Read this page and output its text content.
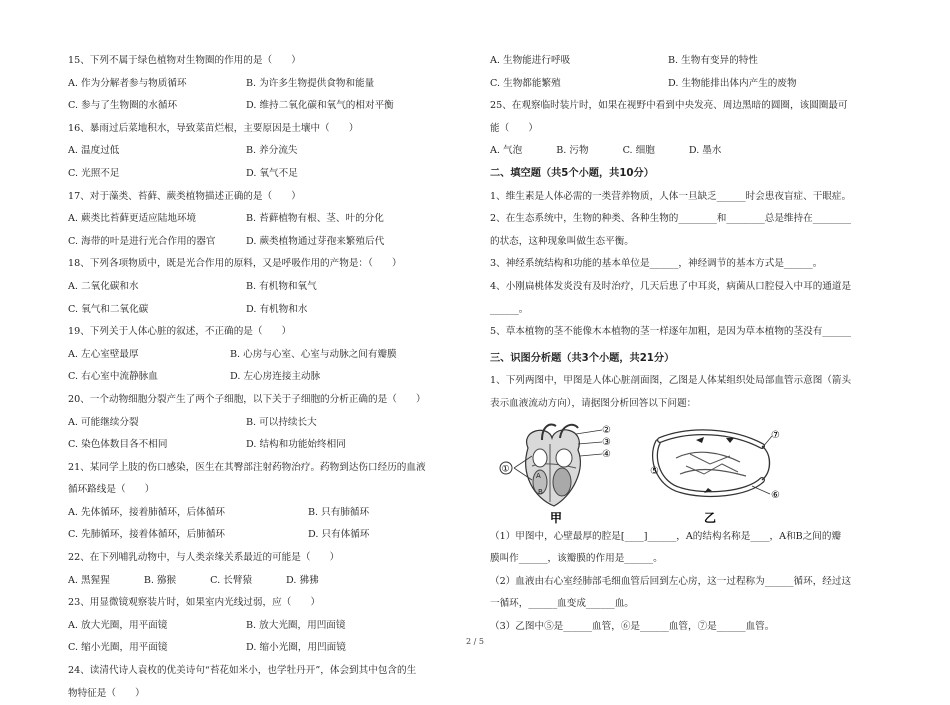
15、下列不属于绿色植物对生物圈的作用的是（　　）
A. 作为分解者参与物质循环	B. 为许多生物提供食物和能量
C. 参与了生物圈的水循环	D. 维持二氧化碳和氧气的相对平衡
16、暴雨过后菜地积水，导致菜苗烂根，主要原因是土壤中（　　）
A. 温度过低	B. 养分流失
C. 光照不足	D. 氧气不足
17、对于藻类、苔藓、蕨类植物描述正确的是（　　）
A. 蕨类比苔藓更适应陆地环境	B. 苔藓植物有根、茎、叶的分化
C. 海带的叶是进行光合作用的器官	D. 蕨类植物通过芽孢来繁殖后代
18、下列各项物质中，既是光合作用的原料，又是呼吸作用的产物是：（　　）
A. 二氧化碳和水	B. 有机物和氧气
C. 氧气和二氧化碳	D. 有机物和水
19、下列关于人体心脏的叙述，不正确的是（　　）
A. 左心室壁最厚	B. 心房与心室、心室与动脉之间有瓣膜
C. 右心室中流静脉血	D. 左心房连接主动脉
20、一个动物细胞分裂产生了两个子细胞，以下关于子细胞的分析正确的是（　　）
A. 可能继续分裂	B. 可以持续长大
C. 染色体数目各不相同	D. 结构和功能始终相同
21、某同学上肢的伤口感染，医生在其臀部注射药物治疗。药物到达伤口经历的血液
循环路线是（　　）
A. 先体循环，接着肺循环，后体循环	B. 只有肺循环
C. 先肺循环，接着体循环，后肺循环	D. 只有体循环
22、在下列哺乳动物中，与人类亲缘关系最近的可能是（　　）
A. 黑猩猩	B. 猕猴	C. 长臂猿	D. 狒狒
23、用显微镜观察装片时，如果室内光线过弱，应（　　）
A. 放大光圈，用平面镜	B. 放大光圈，用凹面镜
C. 缩小光圈，用平面镜	D. 缩小光圈，用凹面镜
24、读清代诗人袁枚的优美诗句“苔花如米小，也学牡丹开”，体会到其中包含的生
物特征是（　　）
A. 生物能进行呼吸	B. 生物有变异的特性
C. 生物都能繁殖	D. 生物能排出体内产生的废物
25、在观察临时装片时，如果在视野中看到中央发亮、周边黑暗的圆圈，该圆圈最可
能（　　）
A. 气泡	B. 污物	C. 细胞	D. 墨水
二、填空题（共5个小题，共10分）
1、维生素是人体必需的一类营养物质，人体一旦缺乏______时会患夜盲症、干眼症。
2、在生态系统中，生物的种类、各种生物的________和________总是维持在________
的状态，这种现象叫做生态平衡。
3、神经系统结构和功能的基本单位是______，神经调节的基本方式是______。
4、小刚扁桃体发炎没有及时治疗，几天后患了中耳炎，病菌从口腔侵入中耳的通道是
______。
5、草本植物的茎不能像木本植物的茎一样逐年加粗，是因为草本植物的茎没有______
三、识图分析题（共3个小题，共21分）
1、下列两图中，甲图是人体心脏剖面图，乙图是人体某组织处局部血管示意图（箭头
表示血液流动方向），请据图分析回答以下问题：
A
B
①
②
③
④
甲
⑤
⑥
⑦
乙
（1）甲图中，心壁最厚的腔是[____]______，A的结构名称是____，A和B之间的瓣
膜叫作______，该瓣膜的作用是______。
（2）血液由右心室经肺部毛细血管后回到左心房，这一过程称为______循环，经过这
一循环，______血变成______血。
（3）乙图中⑤是______血管，⑥是______血管，⑦是______血管。
2 / 5
